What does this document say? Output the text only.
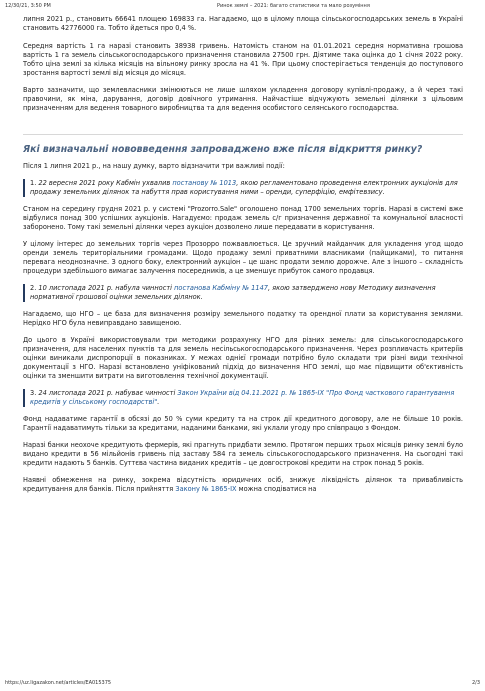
12/30/21, 3:50 PM	Ринок землі – 2021: багато статистики та мало розуміння

липня 2021 р., становить 66641 площею 169833 га. Нагадаємо, що в цілому площа сільськогосподарських земель в Україні становить 42776000 га. Тобто йдеться про 0,4 %.

Середня вартість 1 га наразі становить 38938 гривень. Натомість станом на 01.01.2021 середня нормативна грошова вартість 1 га земель сільськогосподарського призначення становила 27500 грн. Діятиме така оцінка до 1 січня 2022 року. Тобто ціна землі за кілька місяців на вільному ринку зросла на 41 %. При цьому спостерігається тенденція до поступового зростання вартості землі від місяця до місяця.

Варто зазначити, що землевласники змінюються не лише шляхом укладення договору купівлі-продажу, а й через такі правочини, як міна, дарування, договір довічного утримання. Найчастіше відчужують земельні ділянки з цільовим призначенням для ведення товарного виробництва та для ведення особистого селянського господарства.

Які визначальні нововведення запроваджено вже після відкриття ринку?

Після 1 липня 2021 р., на нашу думку, варто відзначити три важливі події:

1. 22 вересня 2021 року Кабмін ухвалив постанову № 1013, якою регламентовано проведення електронних аукціонів для продажу земельних ділянок та набуття прав користування ними – оренди, суперфіцію, емфітевзису.

Станом на середину грудня 2021 р. у системі "Prozorro.Sale" оголошено понад 1700 земельних торгів. Наразі в системі вже відбулися понад 300 успішних аукціонів. Нагадуємо: продаж земель с/г призначення державної та комунальної власності заборонено. Тому такі земельні ділянки через аукціон дозволено лише передавати в користування.

У цілому інтерес до земельних торгів через Прозорро пожвавлюється. Це зручний майданчик для укладення угод щодо оренди земель територіальними громадами. Щодо продажу землі приватними власниками (пайщиками), то питання перевага неоднозначне. З одного боку, електронний аукціон – це шанс продати землю дорожче. Але з іншого – складність процедури здебільшого вимагає залучення посередників, а це зменшує прибуток самого продавця.

2. 10 листопада 2021 р. набула чинності постанова Кабміну № 1147, якою затверджено нову Методику визначення нормативної грошової оцінки земельних ділянок.

Нагадаємо, що НГО – це база для визначення розміру земельного податку та орендної плати за користування землями. Нерідко НГО була невиправдано завищеною.

До цього в Україні використовували три методики розрахунку НГО для різних земель: для сільськогосподарського призначення, для населених пунктів та для земель несільськогосподарського призначення. Через розпливчасть критеріїв оцінки виникали диспропорції в показниках. У межах однієї громади потрібно було складати три різні види технічної документації з НГО. Наразі встановлено уніфікований підхід до визначення НГО землі, що має підвищити об'єктивність оцінки та зменшити витрати на виготовлення технічної документації.

3. 24 листопада 2021 р. набуває чинності Закон України від 04.11.2021 р. № 1865-IX "Про Фонд часткового гарантування кредитів у сільському господарстві".

Фонд надаватиме гарантії в обсязі до 50 % суми кредиту та на строк дії кредитного договору, але не більше 10 років. Гарантії надаватимуть тільки за кредитами, наданими банками, які уклали угоду про співпрацю з Фондом.

Наразі банки неохоче кредитують фермерів, які прагнуть придбати землю. Протягом перших трьох місяців ринку землі було видано кредити в 56 мільйонів гривень під заставу 584 га земель сільськогосподарського призначення. На сьогодні такі кредити надають 5 банків. Суттєва частина виданих кредитів – це довгострокові кредити на строк понад 5 років.

Наявні обмеження на ринку, зокрема відсутність юридичних осіб, знижує ліквідність ділянок та привабливість кредитування для банків. Після прийняття Закону № 1865-IX можна сподіватися на

https://uz.ligazakon.net/articles/EA015375	2/3
